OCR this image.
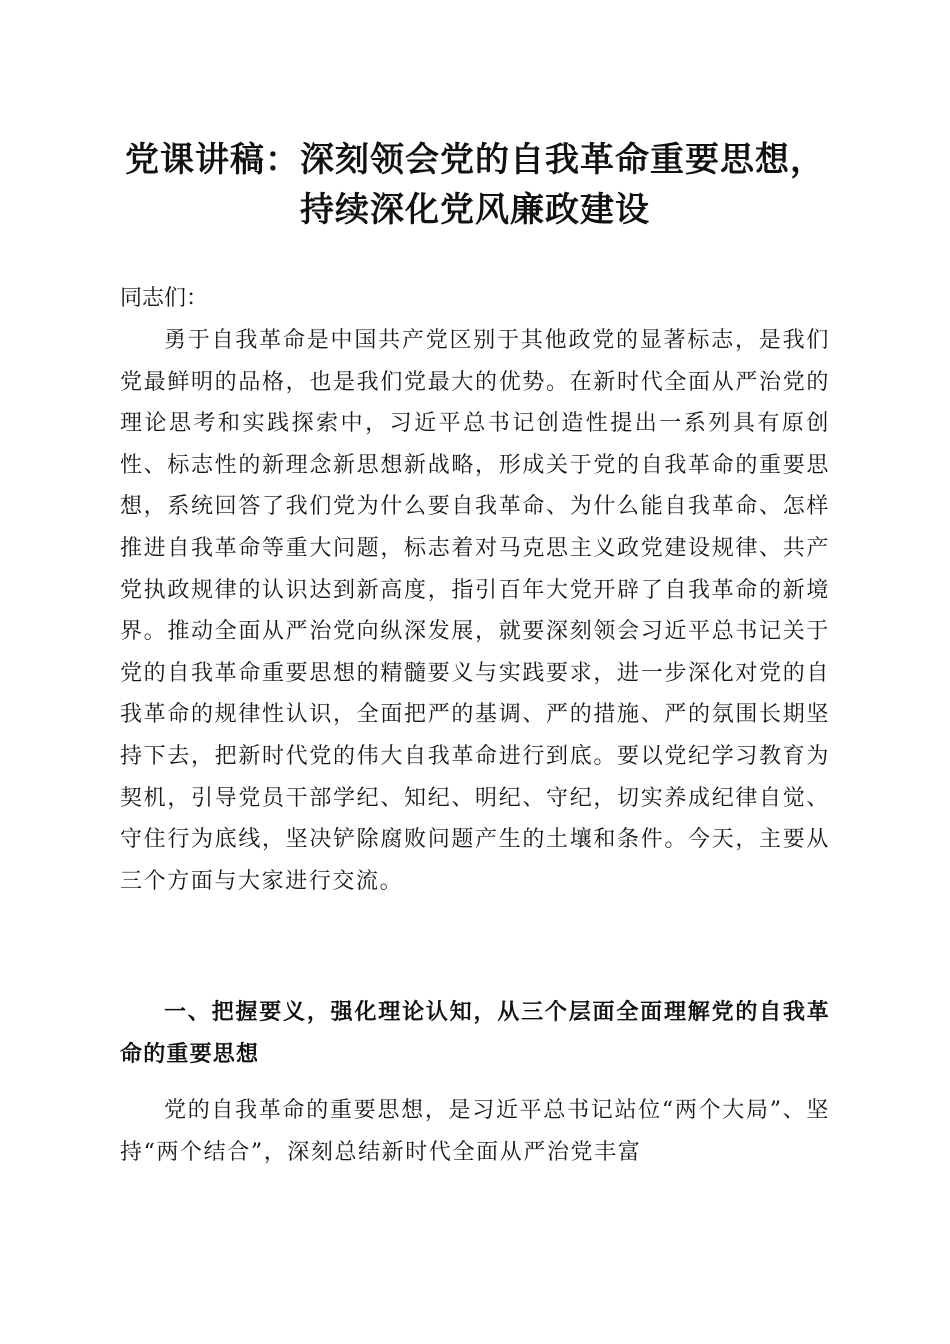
党课讲稿：深刻领会党的自我革命重要思想，
持续深化党风廉政建设
同志们：
勇于自我革命是中国共产党区别于其他政党的显著标志，是我们党最鲜明的品格，也是我们党最大的优势。在新时代全面从严治党的理论思考和实践探索中，习近平总书记创造性提出一系列具有原创性、标志性的新理念新思想新战略，形成关于党的自我革命的重要思想，系统回答了我们党为什么要自我革命、为什么能自我革命、怎样推进自我革命等重大问题，标志着对马克思主义政党建设规律、共产党执政规律的认识达到新高度，指引百年大党开辟了自我革命的新境界。推动全面从严治党向纵深发展，就要深刻领会习近平总书记关于党的自我革命重要思想的精髓要义与实践要求，进一步深化对党的自我革命的规律性认识，全面把严的基调、严的措施、严的氛围长期坚持下去，把新时代党的伟大自我革命进行到底。要以党纪学习教育为契机，引导党员干部学纪、知纪、明纪、守纪，切实养成纪律自觉、守住行为底线，坚决铲除腐败问题产生的土壤和条件。今天，主要从三个方面与大家进行交流。
一、把握要义，强化理论认知，从三个层面全面理解党的自我革命的重要思想
党的自我革命的重要思想，是习近平总书记站位“两个大局”、坚持“两个结合”，深刻总结新时代全面从严治党丰富
